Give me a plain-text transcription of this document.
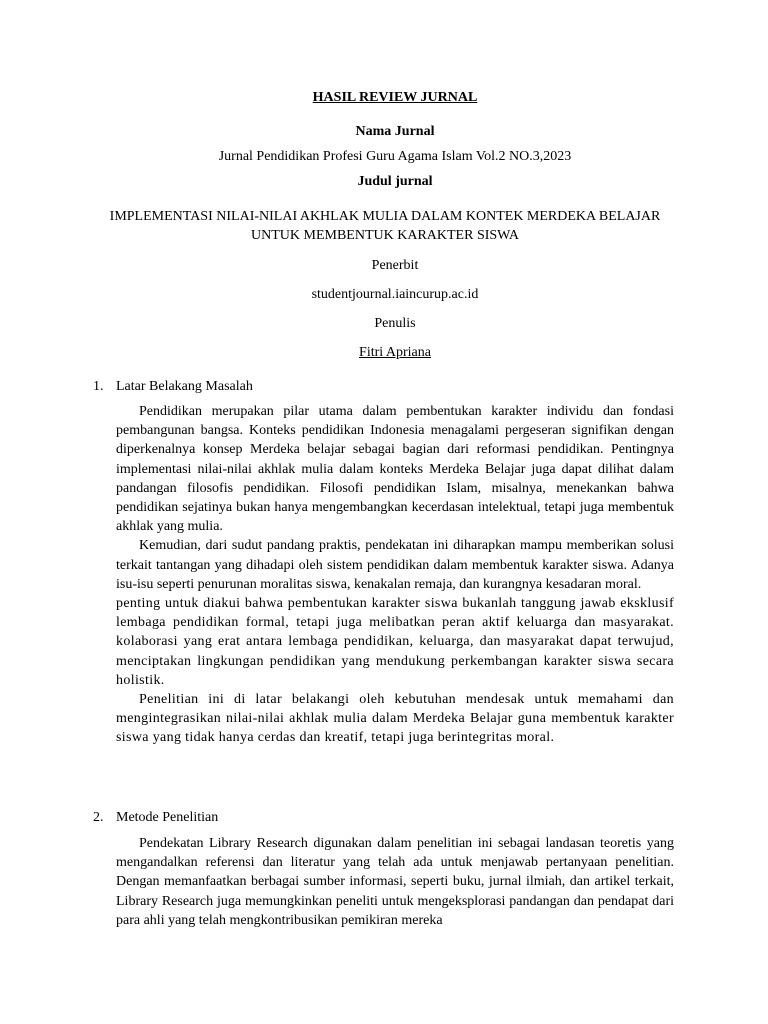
HASIL REVIEW JURNAL
Nama Jurnal
Jurnal Pendidikan Profesi Guru Agama Islam Vol.2 NO.3,2023
Judul jurnal
IMPLEMENTASI NILAI-NILAI AKHLAK MULIA DALAM KONTEK MERDEKA BELAJAR UNTUK MEMBENTUK KARAKTER SISWA
Penerbit
studentjournal.iaincurup.ac.id
Penulis
Fitri Apriana
1. Latar Belakang Masalah

Pendidikan merupakan pilar utama dalam pembentukan karakter individu dan fondasi pembangunan bangsa. Konteks pendidikan Indonesia menagalami pergeseran signifikan dengan diperkenalnya konsep Merdeka belajar sebagai bagian dari reformasi pendidikan. Pentingnya implementasi nilai-nilai akhlak mulia dalam konteks Merdeka Belajar juga dapat dilihat dalam pandangan filosofis pendidikan. Filosofi pendidikan Islam, misalnya, menekankan bahwa pendidikan sejatinya bukan hanya mengembangkan kecerdasan intelektual, tetapi juga membentuk akhlak yang mulia.

Kemudian, dari sudut pandang praktis, pendekatan ini diharapkan mampu memberikan solusi terkait tantangan yang dihadapi oleh sistem pendidikan dalam membentuk karakter siswa. Adanya isu-isu seperti penurunan moralitas siswa, kenakalan remaja, dan kurangnya kesadaran moral.

penting untuk diakui bahwa pembentukan karakter siswa bukanlah tanggung jawab eksklusif lembaga pendidikan formal, tetapi juga melibatkan peran aktif keluarga dan masyarakat. kolaborasi yang erat antara lembaga pendidikan, keluarga, dan masyarakat dapat terwujud, menciptakan lingkungan pendidikan yang mendukung perkembangan karakter siswa secara holistik.

Penelitian ini di latar belakangi oleh kebutuhan mendesak untuk memahami dan mengintegrasikan nilai-nilai akhlak mulia dalam Merdeka Belajar guna membentuk karakter siswa yang tidak hanya cerdas dan kreatif, tetapi juga berintegritas moral.

2. Metode Penelitian

Pendekatan Library Research digunakan dalam penelitian ini sebagai landasan teoretis yang mengandalkan referensi dan literatur yang telah ada untuk menjawab pertanyaan penelitian. Dengan memanfaatkan berbagai sumber informasi, seperti buku, jurnal ilmiah, dan artikel terkait, Library Research juga memungkinkan peneliti untuk mengeksplorasi pandangan dan pendapat dari para ahli yang telah mengkontribusikan pemikiran mereka
